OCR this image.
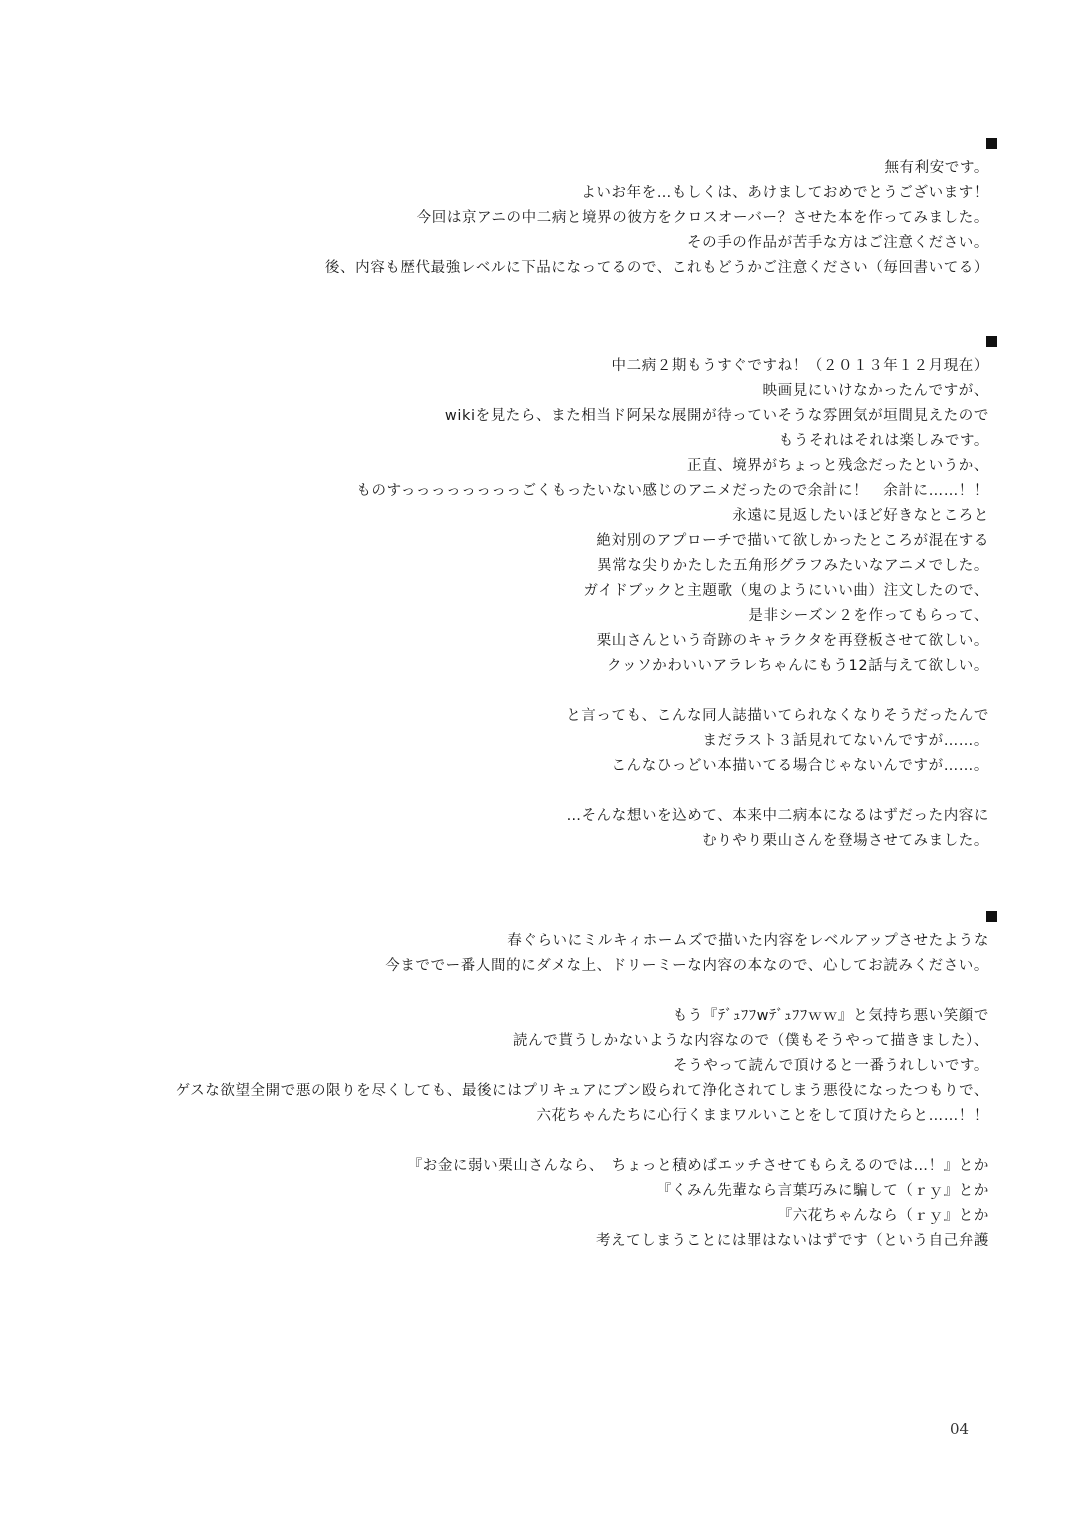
無有利安です。
よいお年を…もしくは、あけましておめでとうございます！
今回は京アニの中二病と境界の彼方をクロスオーバー？させた本を作ってみました。
その手の作品が苦手な方はご注意ください。
後、内容も歴代最強レベルに下品になってるので、これもどうかご注意ください（毎回書いてる）
中二病２期もうすぐですね！（２０１３年１２月現在）
映画見にいけなかったんですが、
wikiを見たら、また相当ド阿呆な展開が待っていそうな雰囲気が垣間見えたので
もうそれはそれは楽しみです。
正直、境界がちょっと残念だったというか、
ものすっっっっっっっっごくもったいない感じのアニメだったので余計に！　余計に……！！
永遠に見返したいほど好きなところと
絶対別のアプローチで描いて欲しかったところが混在する
異常な尖りかたした五角形グラフみたいなアニメでした。
ガイドブックと主題歌（鬼のようにいい曲）注文したので、
是非シーズン２を作ってもらって、
栗山さんという奇跡のキャラクタを再登板させて欲しい。
クッソかわいいアラレちゃんにもう12話与えて欲しい。
と言っても、こんな同人誌描いてられなくなりそうだったんで
まだラスト３話見れてないんですが……。
こんなひっどい本描いてる場合じゃないんですが……。
…そんな想いを込めて、本来中二病本になるはずだった内容に
むりやり栗山さんを登場させてみました。
春ぐらいにミルキィホームズで描いた内容をレベルアップさせたような
今まででー番人間的にダメな上、ドリーミーな内容の本なので、心してお読みください。
もう『ﾃﾞｭﾌﾌwﾃﾞｭﾌﾌｗｗ』と気持ち悪い笑顔で
読んで貰うしかないような内容なので（僕もそうやって描きました）、
そうやって読んで頂けると一番うれしいです。
ゲスな欲望全開で悪の限りを尽くしても、最後にはプリキュアにブン殴られて浄化されてしまう悪役になったつもりで、
六花ちゃんたちに心行くままワルいことをして頂けたらと……！！
『お金に弱い栗山さんなら、　ちょっと積めばエッチさせてもらえるのでは…！』とか
『くみん先輩なら言葉巧みに騙して（ｒｙ』とか
『六花ちゃんなら（ｒｙ』とか
考えてしまうことには罪はないはずです（という自己弁護
04
